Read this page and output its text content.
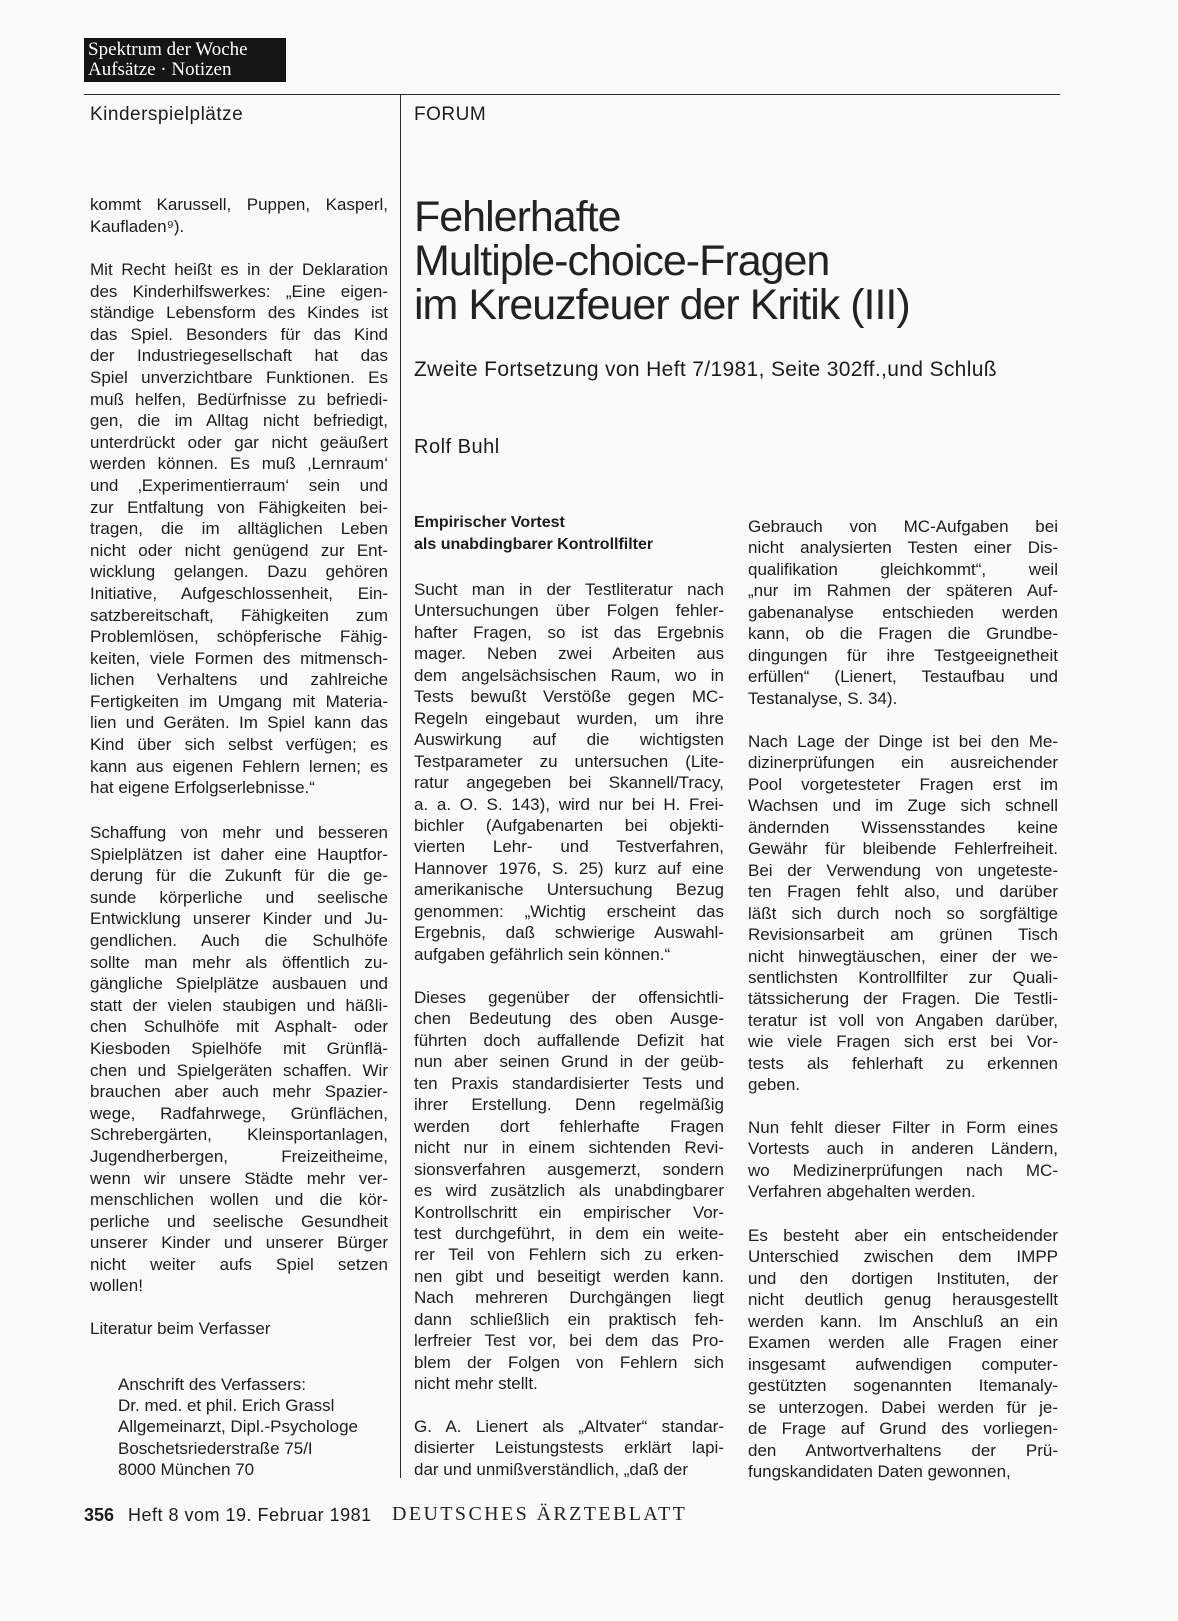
Spektrum der Woche
Aufsätze · Notizen
Kinderspielplätze
kommt Karussell, Puppen, Kasperl,
Kaufladen⁹).
Mit Recht heißt es in der Deklaration
des Kinderhilfswerkes: „Eine eigen-
ständige Lebensform des Kindes ist
das Spiel. Besonders für das Kind
der Industriegesellschaft hat das
Spiel unverzichtbare Funktionen. Es
muß helfen, Bedürfnisse zu befriedi-
gen, die im Alltag nicht befriedigt,
unterdrückt oder gar nicht geäußert
werden können. Es muß ‚Lernraum‘
und ‚Experimentierraum‘ sein und
zur Entfaltung von Fähigkeiten bei-
tragen, die im alltäglichen Leben
nicht oder nicht genügend zur Ent-
wicklung gelangen. Dazu gehören
Initiative, Aufgeschlossenheit, Ein-
satzbereitschaft, Fähigkeiten zum
Problemlösen, schöpferische Fähig-
keiten, viele Formen des mitmensch-
lichen Verhaltens und zahlreiche
Fertigkeiten im Umgang mit Materia-
lien und Geräten. Im Spiel kann das
Kind über sich selbst verfügen; es
kann aus eigenen Fehlern lernen; es
hat eigene Erfolgserlebnisse.“
Schaffung von mehr und besseren
Spielplätzen ist daher eine Hauptfor-
derung für die Zukunft für die ge-
sunde körperliche und seelische
Entwicklung unserer Kinder und Ju-
gendlichen. Auch die Schulhöfe
sollte man mehr als öffentlich zu-
gängliche Spielplätze ausbauen und
statt der vielen staubigen und häßli-
chen Schulhöfe mit Asphalt- oder
Kiesboden Spielhöfe mit Grünflä-
chen und Spielgeräten schaffen. Wir
brauchen aber auch mehr Spazier-
wege, Radfahrwege, Grünflächen,
Schrebergärten, Kleinsportanlagen,
Jugendherbergen, Freizeitheime,
wenn wir unsere Städte mehr ver-
menschlichen wollen und die kör-
perliche und seelische Gesundheit
unserer Kinder und unserer Bürger
nicht weiter aufs Spiel setzen
wollen!
Literatur beim Verfasser
Anschrift des Verfassers:
Dr. med. et phil. Erich Grassl
Allgemeinarzt, Dipl.-Psychologe
Boschetsriederstraße 75/I
8000 München 70
FORUM
Fehlerhafte
Multiple-choice-Fragen
im Kreuzfeuer der Kritik (III)
Zweite Fortsetzung von Heft 7/1981, Seite 302ff.,und Schluß
Rolf Buhl
Empirischer Vortest
als unabdingbarer Kontrollfilter
Sucht man in der Testliteratur nach
Untersuchungen über Folgen fehler-
hafter Fragen, so ist das Ergebnis
mager. Neben zwei Arbeiten aus
dem angelsächsischen Raum, wo in
Tests bewußt Verstöße gegen MC-
Regeln eingebaut wurden, um ihre
Auswirkung auf die wichtigsten
Testparameter zu untersuchen (Lite-
ratur angegeben bei Skannell/Tracy,
a. a. O. S. 143), wird nur bei H. Frei-
bichler (Aufgabenarten bei objekti-
vierten Lehr- und Testverfahren,
Hannover 1976, S. 25) kurz auf eine
amerikanische Untersuchung Bezug
genommen: „Wichtig erscheint das
Ergebnis, daß schwierige Auswahl-
aufgaben gefährlich sein können.“
Dieses gegenüber der offensichtli-
chen Bedeutung des oben Ausge-
führten doch auffallende Defizit hat
nun aber seinen Grund in der geüb-
ten Praxis standardisierter Tests und
ihrer Erstellung. Denn regelmäßig
werden dort fehlerhafte Fragen
nicht nur in einem sichtenden Revi-
sionsverfahren ausgemerzt, sondern
es wird zusätzlich als unabdingbarer
Kontrollschritt ein empirischer Vor-
test durchgeführt, in dem ein weite-
rer Teil von Fehlern sich zu erken-
nen gibt und beseitigt werden kann.
Nach mehreren Durchgängen liegt
dann schließlich ein praktisch feh-
lerfreier Test vor, bei dem das Pro-
blem der Folgen von Fehlern sich
nicht mehr stellt.
G. A. Lienert als „Altvater“ standar-
disierter Leistungstests erklärt lapi-
dar und unmißverständlich, „daß der
Gebrauch von MC-Aufgaben bei
nicht analysierten Testen einer Dis-
qualifikation gleichkommt“, weil
„nur im Rahmen der späteren Auf-
gabenanalyse entschieden werden
kann, ob die Fragen die Grundbe-
dingungen für ihre Testgeeignetheit
erfüllen“ (Lienert, Testaufbau und
Testanalyse, S. 34).
Nach Lage der Dinge ist bei den Me-
dizinerprüfungen ein ausreichender
Pool vorgetesteter Fragen erst im
Wachsen und im Zuge sich schnell
ändernden Wissensstandes keine
Gewähr für bleibende Fehlerfreiheit.
Bei der Verwendung von ungeteste-
ten Fragen fehlt also, und darüber
läßt sich durch noch so sorgfältige
Revisionsarbeit am grünen Tisch
nicht hinwegtäuschen, einer der we-
sentlichsten Kontrollfilter zur Quali-
tätssicherung der Fragen. Die Testli-
teratur ist voll von Angaben darüber,
wie viele Fragen sich erst bei Vor-
tests als fehlerhaft zu erkennen
geben.
Nun fehlt dieser Filter in Form eines
Vortests auch in anderen Ländern,
wo Medizinerprüfungen nach MC-
Verfahren abgehalten werden.
Es besteht aber ein entscheidender
Unterschied zwischen dem IMPP
und den dortigen Instituten, der
nicht deutlich genug herausgestellt
werden kann. Im Anschluß an ein
Examen werden alle Fragen einer
insgesamt aufwendigen computer-
gestützten sogenannten Itemanaly-
se unterzogen. Dabei werden für je-
de Frage auf Grund des vorliegen-
den Antwortverhaltens der Prü-
fungskandidaten Daten gewonnen,
356 Heft 8 vom 19. Februar 1981 DEUTSCHES ÄRZTEBLATT
